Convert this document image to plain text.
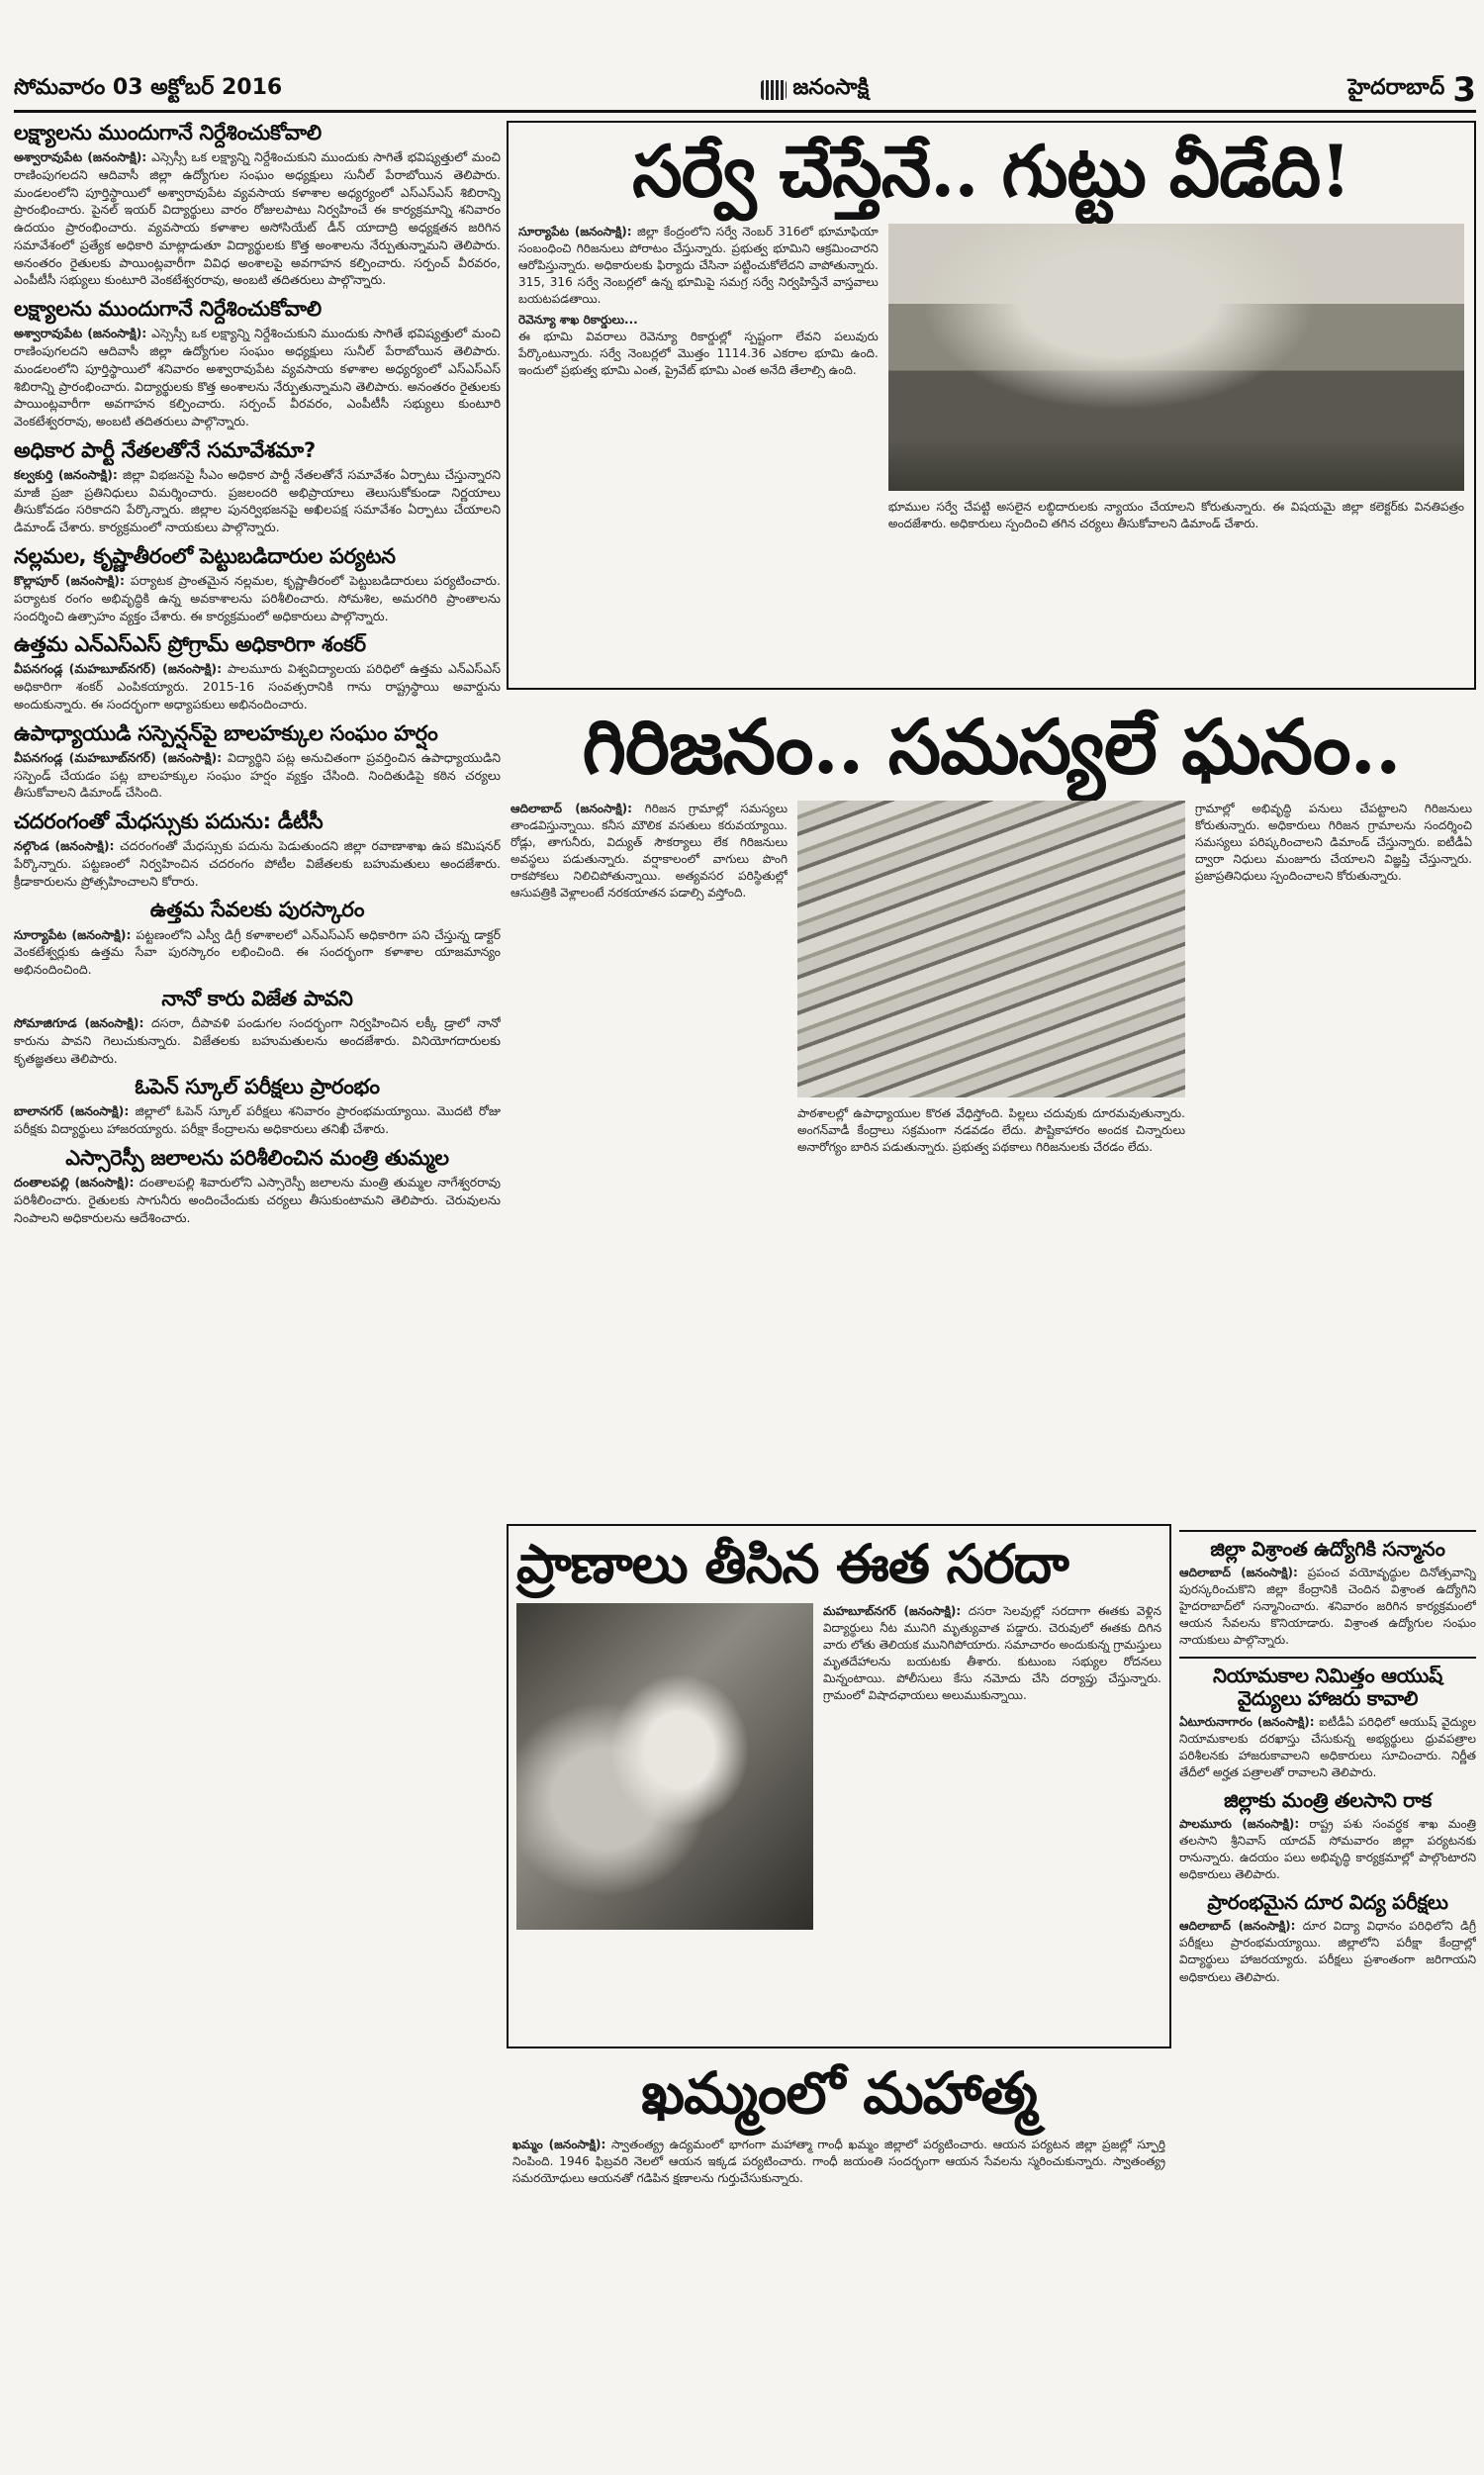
సోమవారం 03 అక్టోబర్ 2016	జనంసాక్షి	హైదరాబాద్ 3
లక్ష్యాలను ముందుగానే నిర్దేశించుకోవాలి

అశ్వారావుపేట (జనంసాక్షి): ఎస్సెస్సీ ఒక లక్ష్యాన్ని నిర్దేశించుకుని ముందుకు సాగితే భవిష్యత్తులో మంచి రాణింపుగలదని ఆదివాసీ జిల్లా ఉద్యోగుల సంఘం అధ్యక్షులు సునీల్ పేరాబోయిన తెలిపారు. మండలంలోని పూర్తిస్థాయిలో అశ్వారావుపేట వ్యవసాయ కళాశాల అధ్యర్యంలో ఎస్ఎస్ఎస్ శిబిరాన్ని ప్రారంభించారు. పైనల్ ఇయర్ విద్యార్థులు వారం రోజులపాటు నిర్వహించే ఈ కార్యక్రమాన్ని శనివారం ఉదయం ప్రారంభించారు. వ్యవసాయ కళాశాల అసోసియేట్ డీన్ యాదాద్రి అధ్యక్షతన జరిగిన సమావేశంలో ప్రత్యేక అధికారి మాట్లాడుతూ విద్యార్థులకు కొత్త అంశాలను నేర్పుతున్నామని తెలిపారు. అనంతరం రైతులకు పాయింట్లవారీగా వివిధ అంశాలపై అవగాహన కల్పించారు. సర్పంచ్ వీరవరం, ఎంపీటీసీ సభ్యులు కుంటూరి వెంకటేశ్వరరావు, అంబటి తదితరులు పాల్గొన్నారు.

లక్ష్యాలను ముందుగానే నిర్దేశించుకోవాలి

అశ్వారావుపేట (జనంసాక్షి): ఎస్సెస్సీ ఒక లక్ష్యాన్ని నిర్దేశించుకుని ముందుకు సాగితే భవిష్యత్తులో మంచి రాణింపుగలదని ఆదివాసీ జిల్లా ఉద్యోగుల సంఘం అధ్యక్షులు సునీల్ పేరాబోయిన తెలిపారు. మండలంలోని పూర్తిస్థాయిలో శనివారం అశ్వారావుపేట వ్యవసాయ కళాశాల అధ్యర్యంలో ఎస్ఎస్ఎస్ శిబిరాన్ని ప్రారంభించారు. విద్యార్థులకు కొత్త అంశాలను నేర్పుతున్నామని తెలిపారు. అనంతరం రైతులకు పాయింట్లవారీగా అవగాహన కల్పించారు. సర్పంచ్ వీరవరం, ఎంపీటీసీ సభ్యులు కుంటూరి వెంకటేశ్వరరావు, అంబటి తదితరులు పాల్గొన్నారు.

అధికార పార్టీ నేతలతోనే సమావేశమా?

కల్వకుర్తి (జనంసాక్షి): జిల్లా విభజనపై సీఎం అధికార పార్టీ నేతలతోనే సమావేశం ఏర్పాటు చేస్తున్నారని మాజీ ప్రజా ప్రతినిధులు విమర్శించారు. ప్రజలందరి అభిప్రాయాలు తెలుసుకోకుండా నిర్ణయాలు తీసుకోవడం సరికాదని పేర్కొన్నారు. జిల్లాల పునర్విభజనపై అఖిలపక్ష సమావేశం ఏర్పాటు చేయాలని డిమాండ్ చేశారు. కార్యక్రమంలో నాయకులు పాల్గొన్నారు.

నల్లమల, కృష్ణాతీరంలో పెట్టుబడిదారుల పర్యటన

కొల్లాపూర్ (జనంసాక్షి): పర్యాటక ప్రాంతమైన నల్లమల, కృష్ణాతీరంలో పెట్టుబడిదారులు పర్యటించారు. పర్యాటక రంగం అభివృద్ధికి ఉన్న అవకాశాలను పరిశీలించారు. సోమశిల, అమరగిరి ప్రాంతాలను సందర్శించి ఉత్సాహం వ్యక్తం చేశారు. ఈ కార్యక్రమంలో అధికారులు పాల్గొన్నారు.

ఉత్తమ ఎన్ఎస్ఎస్ ప్రోగ్రామ్ అధికారిగా శంకర్

వీపనగండ్ల (మహబూబ్‌నగర్) (జనంసాక్షి): పాలమూరు విశ్వవిద్యాలయ పరిధిలో ఉత్తమ ఎన్ఎస్ఎస్ అధికారిగా శంకర్ ఎంపికయ్యారు. 2015-16 సంవత్సరానికి గాను రాష్ట్రస్థాయి అవార్డును అందుకున్నారు. ఈ సందర్భంగా అధ్యాపకులు అభినందించారు.

ఉపాధ్యాయుడి సస్పెన్షన్‌పై బాలహక్కుల సంఘం హర్షం

వీపనగండ్ల (మహబూబ్‌నగర్) (జనంసాక్షి): విద్యార్థిని పట్ల అనుచితంగా ప్రవర్తించిన ఉపాధ్యాయుడిని సస్పెండ్ చేయడం పట్ల బాలహక్కుల సంఘం హర్షం వ్యక్తం చేసింది. నిందితుడిపై కఠిన చర్యలు తీసుకోవాలని డిమాండ్ చేసింది.

చదరంగంతో మేధస్సుకు పదును: డీటీసీ

నల్గొండ (జనంసాక్షి): చదరంగంతో మేధస్సుకు పదును పెడుతుందని జిల్లా రవాణాశాఖ ఉప కమిషనర్ పేర్కొన్నారు. పట్టణంలో నిర్వహించిన చదరంగం పోటీల విజేతలకు బహుమతులు అందజేశారు. క్రీడాకారులను ప్రోత్సహించాలని కోరారు.

ఉత్తమ సేవలకు పురస్కారం

సూర్యాపేట (జనంసాక్షి): పట్టణంలోని ఎస్వీ డిగ్రీ కళాశాలలో ఎన్ఎస్ఎస్ అధికారిగా పని చేస్తున్న డాక్టర్ వెంకటేశ్వర్లుకు ఉత్తమ సేవా పురస్కారం లభించింది. ఈ సందర్భంగా కళాశాల యాజమాన్యం అభినందించింది.

నానో కారు విజేత పావని

సోమాజిగూడ (జనంసాక్షి): దసరా, దీపావళి పండుగల సందర్భంగా నిర్వహించిన లక్కీ డ్రాలో నానో కారును పావని గెలుచుకున్నారు. విజేతలకు బహుమతులను అందజేశారు. వినియోగదారులకు కృతజ్ఞతలు తెలిపారు.

ఓపెన్ స్కూల్ పరీక్షలు ప్రారంభం

బాలానగర్ (జనంసాక్షి): జిల్లాలో ఓపెన్ స్కూల్ పరీక్షలు శనివారం ప్రారంభమయ్యాయి. మొదటి రోజు పరీక్షకు విద్యార్థులు హాజరయ్యారు. పరీక్షా కేంద్రాలను అధికారులు తనిఖీ చేశారు.

ఎస్సారెస్పీ జలాలను పరిశీలించిన మంత్రి తుమ్మల

దంతాలపల్లి (జనంసాక్షి): దంతాలపల్లి శివారులోని ఎస్సారెస్పీ జలాలను మంత్రి తుమ్మల నాగేశ్వరరావు పరిశీలించారు. రైతులకు సాగునీరు అందించేందుకు చర్యలు తీసుకుంటామని తెలిపారు. చెరువులను నింపాలని అధికారులను ఆదేశించారు.

సర్వే చేస్తేనే.. గుట్టు వీడేది!
సూర్యాపేట (జనంసాక్షి): జిల్లా కేంద్రంలోని సర్వే నెంబర్ 316లో భూమాఫియా సంబంధించి గిరిజనులు పోరాటం చేస్తున్నారు. ప్రభుత్వ భూమిని ఆక్రమించారని ఆరోపిస్తున్నారు. అధికారులకు ఫిర్యాదు చేసినా పట్టించుకోలేదని వాపోతున్నారు. 315, 316 సర్వే నెంబర్లలో ఉన్న భూమిపై సమగ్ర సర్వే నిర్వహిస్తేనే వాస్తవాలు బయటపడతాయి.
రెవెన్యూ శాఖ రికార్డులు...
ఈ భూమి వివరాలు రెవెన్యూ రికార్డుల్లో స్పష్టంగా లేవని పలువురు పేర్కొంటున్నారు. సర్వే నెంబర్లలో మొత్తం 1114.36 ఎకరాల భూమి ఉంది. ఇందులో ప్రభుత్వ భూమి ఎంత, ప్రైవేట్ భూమి ఎంత అనేది తేలాల్సి ఉంది.
భూముల సర్వే చేపట్టి అసలైన లబ్ధిదారులకు న్యాయం చేయాలని కోరుతున్నారు. ఈ విషయమై జిల్లా కలెక్టర్‌కు వినతిపత్రం అందజేశారు. అధికారులు స్పందించి తగిన చర్యలు తీసుకోవాలని డిమాండ్ చేశారు.
గిరిజనం.. సమస్యలే ఘనం..
ఆదిలాబాద్ (జనంసాక్షి): గిరిజన గ్రామాల్లో సమస్యలు తాండవిస్తున్నాయి. కనీస మౌలిక వసతులు కరువయ్యాయి. రోడ్లు, తాగునీరు, విద్యుత్ సౌకర్యాలు లేక గిరిజనులు అవస్థలు పడుతున్నారు. వర్షాకాలంలో వాగులు పొంగి రాకపోకలు నిలిచిపోతున్నాయి. అత్యవసర పరిస్థితుల్లో ఆసుపత్రికి వెళ్లాలంటే నరకయాతన పడాల్సి వస్తోంది.
పాఠశాలల్లో ఉపాధ్యాయుల కొరత వేధిస్తోంది. పిల్లలు చదువుకు దూరమవుతున్నారు. అంగన్‌వాడీ కేంద్రాలు సక్రమంగా నడవడం లేదు. పౌష్టికాహారం అందక చిన్నారులు అనారోగ్యం బారిన పడుతున్నారు. ప్రభుత్వ పథకాలు గిరిజనులకు చేరడం లేదు.
గ్రామాల్లో అభివృద్ధి పనులు చేపట్టాలని గిరిజనులు కోరుతున్నారు. అధికారులు గిరిజన గ్రామాలను సందర్శించి సమస్యలు పరిష్కరించాలని డిమాండ్ చేస్తున్నారు. ఐటీడీఏ ద్వారా నిధులు మంజూరు చేయాలని విజ్ఞప్తి చేస్తున్నారు. ప్రజాప్రతినిధులు స్పందించాలని కోరుతున్నారు.
ప్రాణాలు తీసిన ఈత సరదా
మహబూబ్‌నగర్ (జనంసాక్షి): దసరా సెలవుల్లో సరదాగా ఈతకు వెళ్లిన విద్యార్థులు నీట మునిగి మృత్యువాత పడ్డారు. చెరువులో ఈతకు దిగిన వారు లోతు తెలియక మునిగిపోయారు. సమాచారం అందుకున్న గ్రామస్తులు మృతదేహాలను బయటకు తీశారు. కుటుంబ సభ్యుల రోదనలు మిన్నంటాయి. పోలీసులు కేసు నమోదు చేసి దర్యాప్తు చేస్తున్నారు. గ్రామంలో విషాదఛాయలు అలుముకున్నాయి.
ఖమ్మంలో మహాత్మ
ఖమ్మం (జనంసాక్షి): స్వాతంత్య్ర ఉద్యమంలో భాగంగా మహాత్మా గాంధీ ఖమ్మం జిల్లాలో పర్యటించారు. ఆయన పర్యటన జిల్లా ప్రజల్లో స్ఫూర్తి నింపింది. 1946 ఫిబ్రవరి నెలలో ఆయన ఇక్కడ పర్యటించారు. గాంధీ జయంతి సందర్భంగా ఆయన సేవలను స్మరించుకున్నారు. స్వాతంత్య్ర సమరయోధులు ఆయనతో గడిపిన క్షణాలను గుర్తుచేసుకున్నారు.
జిల్లా విశ్రాంత ఉద్యోగికి సన్మానం

ఆదిలాబాద్ (జనంసాక్షి): ప్రపంచ వయోవృద్ధుల దినోత్సవాన్ని పురస్కరించుకొని జిల్లా కేంద్రానికి చెందిన విశ్రాంత ఉద్యోగిని హైదరాబాద్‌లో సన్మానించారు. శనివారం జరిగిన కార్యక్రమంలో ఆయన సేవలను కొనియాడారు. విశ్రాంత ఉద్యోగుల సంఘం నాయకులు పాల్గొన్నారు.

నియామకాల నిమిత్తం ఆయుష్ వైద్యులు హాజరు కావాలి

ఏటూరునాగారం (జనంసాక్షి): ఐటీడీఏ పరిధిలో ఆయుష్ వైద్యుల నియామకాలకు దరఖాస్తు చేసుకున్న అభ్యర్థులు ధ్రువపత్రాల పరిశీలనకు హాజరుకావాలని అధికారులు సూచించారు. నిర్ణీత తేదీలో అర్హత పత్రాలతో రావాలని తెలిపారు.

జిల్లాకు మంత్రి తలసాని రాక

పాలమూరు (జనంసాక్షి): రాష్ట్ర పశు సంవర్ధక శాఖ మంత్రి తలసాని శ్రీనివాస్ యాదవ్ సోమవారం జిల్లా పర్యటనకు రానున్నారు. ఉదయం పలు అభివృద్ధి కార్యక్రమాల్లో పాల్గొంటారని అధికారులు తెలిపారు.

ప్రారంభమైన దూర విద్య పరీక్షలు

ఆదిలాబాద్ (జనంసాక్షి): దూర విద్యా విధానం పరిధిలోని డిగ్రీ పరీక్షలు ప్రారంభమయ్యాయి. జిల్లాలోని పరీక్షా కేంద్రాల్లో విద్యార్థులు హాజరయ్యారు. పరీక్షలు ప్రశాంతంగా జరిగాయని అధికారులు తెలిపారు.
